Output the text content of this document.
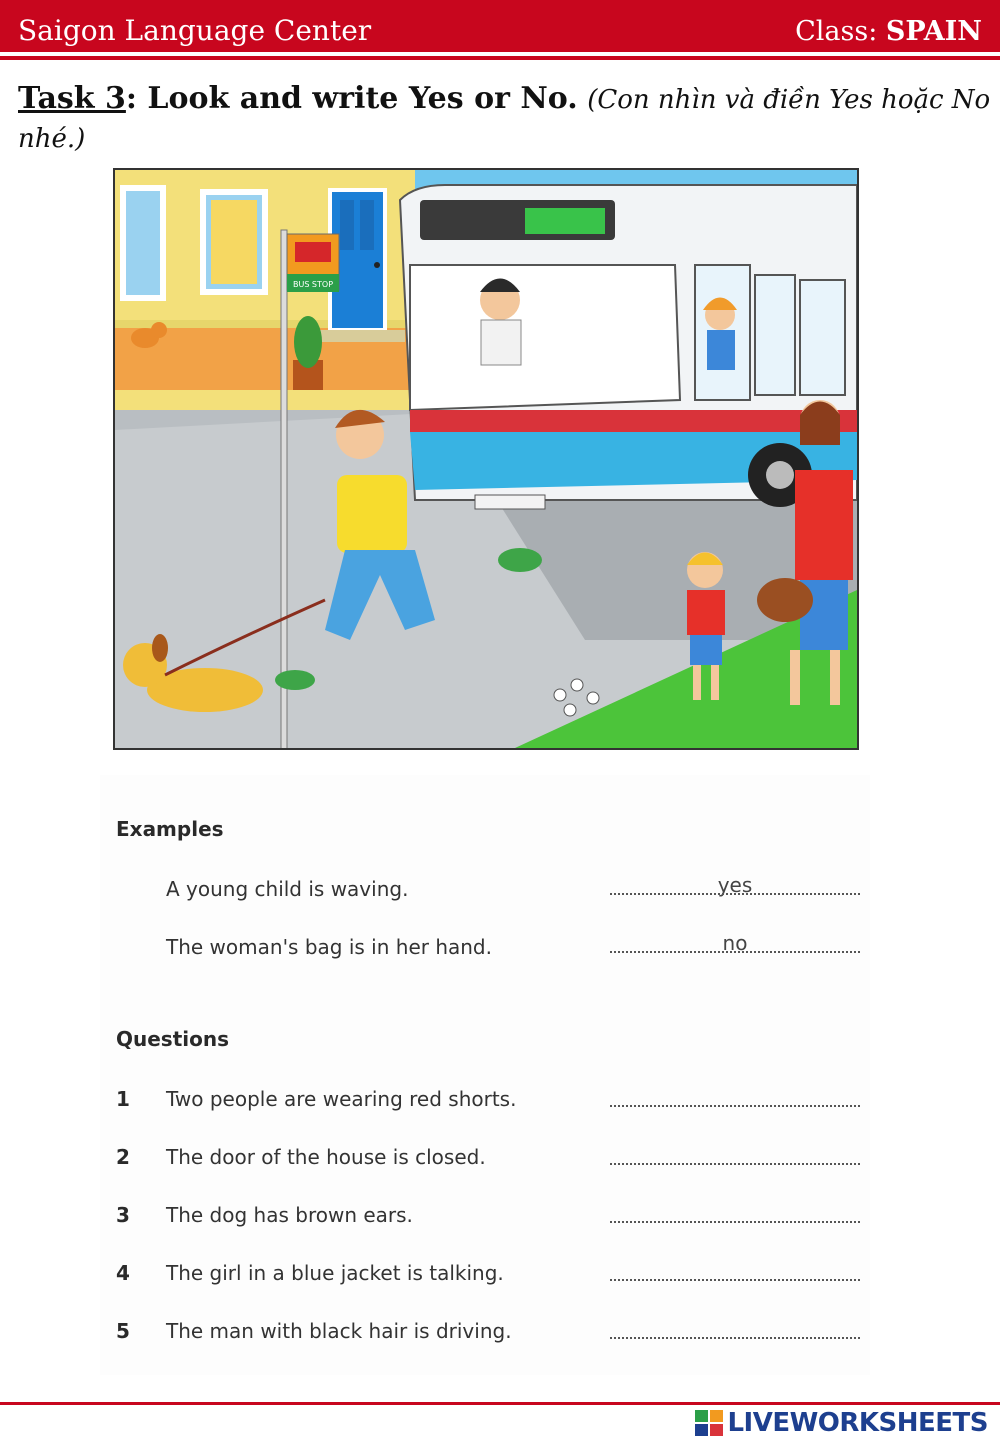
Saigon Language Center	Class: SPAIN
Task 3: Look and write Yes or No. (Con nhìn và điền Yes hoặc No nhé.)
BUS STOP
Examples
A young child is waving.	yes
The woman's bag is in her hand.	no
Questions
1 Two people are wearing red shorts.
2 The door of the house is closed.
3 The dog has brown ears.
4 The girl in a blue jacket is talking.
5 The man with black hair is driving.
LIVEWORKSHEETS
